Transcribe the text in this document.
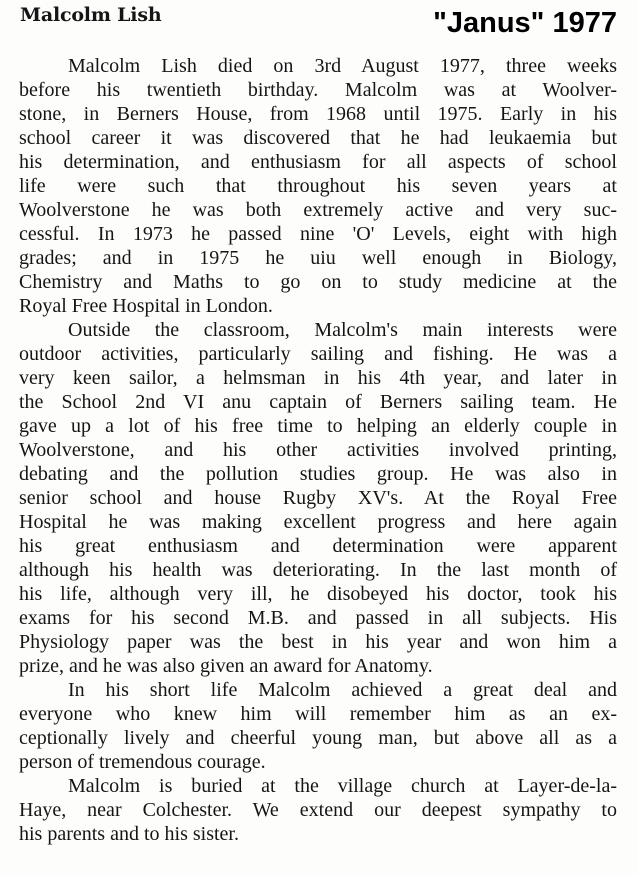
Malcolm Lish	"Janus" 1977
Malcolm Lish died on 3rd August 1977, three weeks
before his twentieth birthday. Malcolm was at Woolver-
stone, in Berners House, from 1968 until 1975. Early in his
school career it was discovered that he had leukaemia but
his determination, and enthusiasm for all aspects of school
life were such that throughout his seven years at
Woolverstone he was both extremely active and very suc-
cessful. In 1973 he passed nine 'O' Levels, eight with high
grades; and in 1975 he uiu well enough in Biology,
Chemistry and Maths to go on to study medicine at the
Royal Free Hospital in London.
Outside the classroom, Malcolm's main interests were
outdoor activities, particularly sailing and fishing. He was a
very keen sailor, a helmsman in his 4th year, and later in
the School 2nd VI anu captain of Berners sailing team. He
gave up a lot of his free time to helping an elderly couple in
Woolverstone, and his other activities involved printing,
debating and the pollution studies group. He was also in
senior school and house Rugby XV's. At the Royal Free
Hospital he was making excellent progress and here again
his great enthusiasm and determination were apparent
although his health was deteriorating. In the last month of
his life, although very ill, he disobeyed his doctor, took his
exams for his second M.B. and passed in all subjects. His
Physiology paper was the best in his year and won him a
prize, and he was also given an award for Anatomy.
In his short life Malcolm achieved a great deal and
everyone who knew him will remember him as an ex-
ceptionally lively and cheerful young man, but above all as a
person of tremendous courage.
Malcolm is buried at the village church at Layer-de-la-
Haye, near Colchester. We extend our deepest sympathy to
his parents and to his sister.
